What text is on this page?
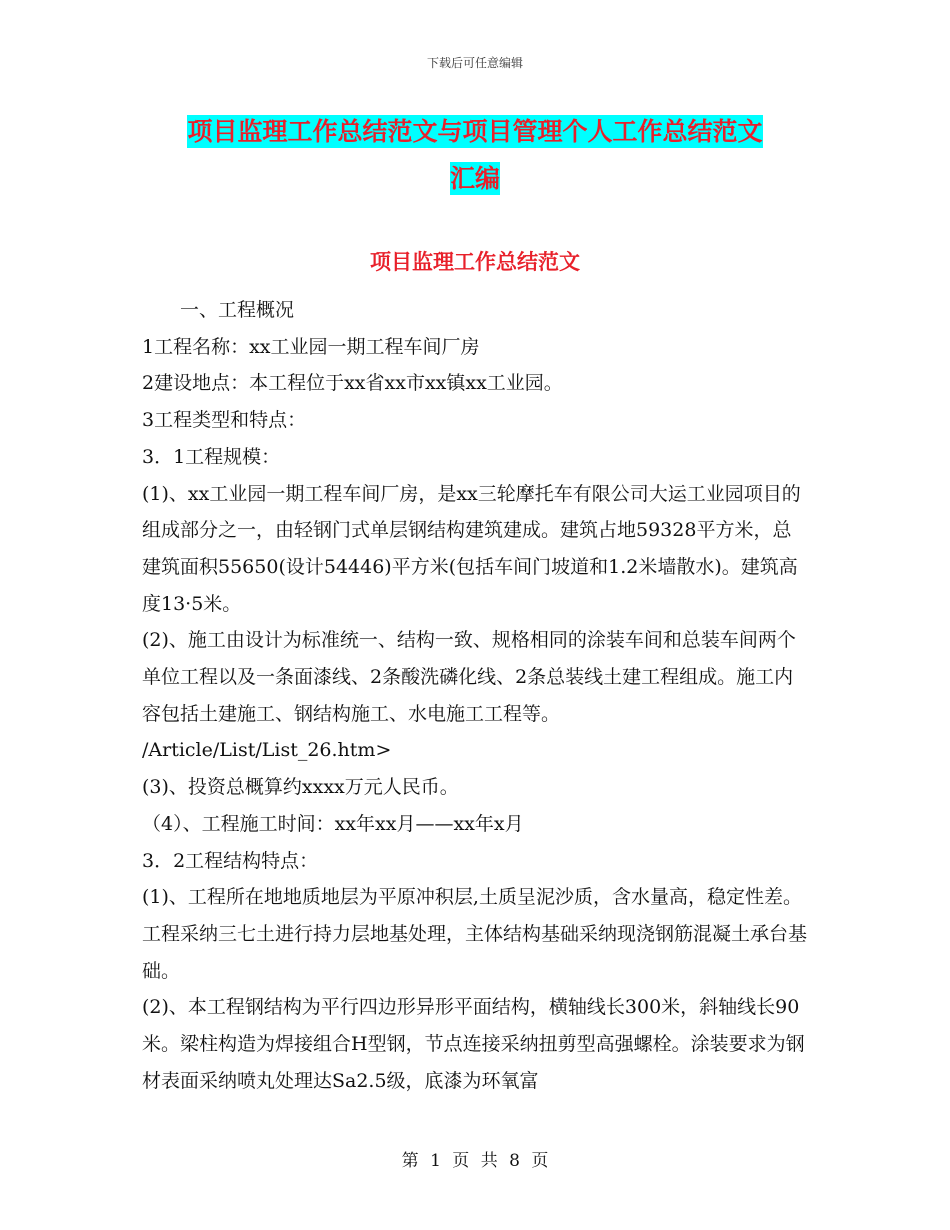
下载后可任意编辑
项目监理工作总结范文与项目管理个人工作总结范文
汇编
项目监理工作总结范文

一、工程概况

1工程名称：xx工业园一期工程车间厂房

2建设地点：本工程位于xx省xx市xx镇xx工业园。

3工程类型和特点：

3．1工程规模：

(1)、xx工业园一期工程车间厂房，是xx三轮摩托车有限公司大运工业园项目的组成部分之一，由轻钢门式单层钢结构建筑建成。建筑占地59328平方米，总建筑面积55650(设计54446)平方米(包括车间门坡道和1.2米墙散水)。建筑高度13·5米。

(2)、施工由设计为标准统一、结构一致、规格相同的涂装车间和总装车间两个单位工程以及一条面漆线、2条酸洗磷化线、2条总装线土建工程组成。施工内容包括土建施工、钢结构施工、水电施工工程等。

/Article/List/List_26.htm>

(3)、投资总概算约xxxx万元人民币。

（4）、工程施工时间：xx年xx月——xx年x月

3．2工程结构特点：

(1)、工程所在地地质地层为平原冲积层,土质呈泥沙质，含水量高，稳定性差。工程采纳三七土进行持力层地基处理，主体结构基础采纳现浇钢筋混凝土承台基础。

(2)、本工程钢结构为平行四边形异形平面结构，横轴线长300米，斜轴线长90米。梁柱构造为焊接组合H型钢，节点连接采纳扭剪型高强螺栓。涂装要求为钢材表面采纳喷丸处理达Sa2.5级，底漆为环氧富

第 1 页 共 8 页
